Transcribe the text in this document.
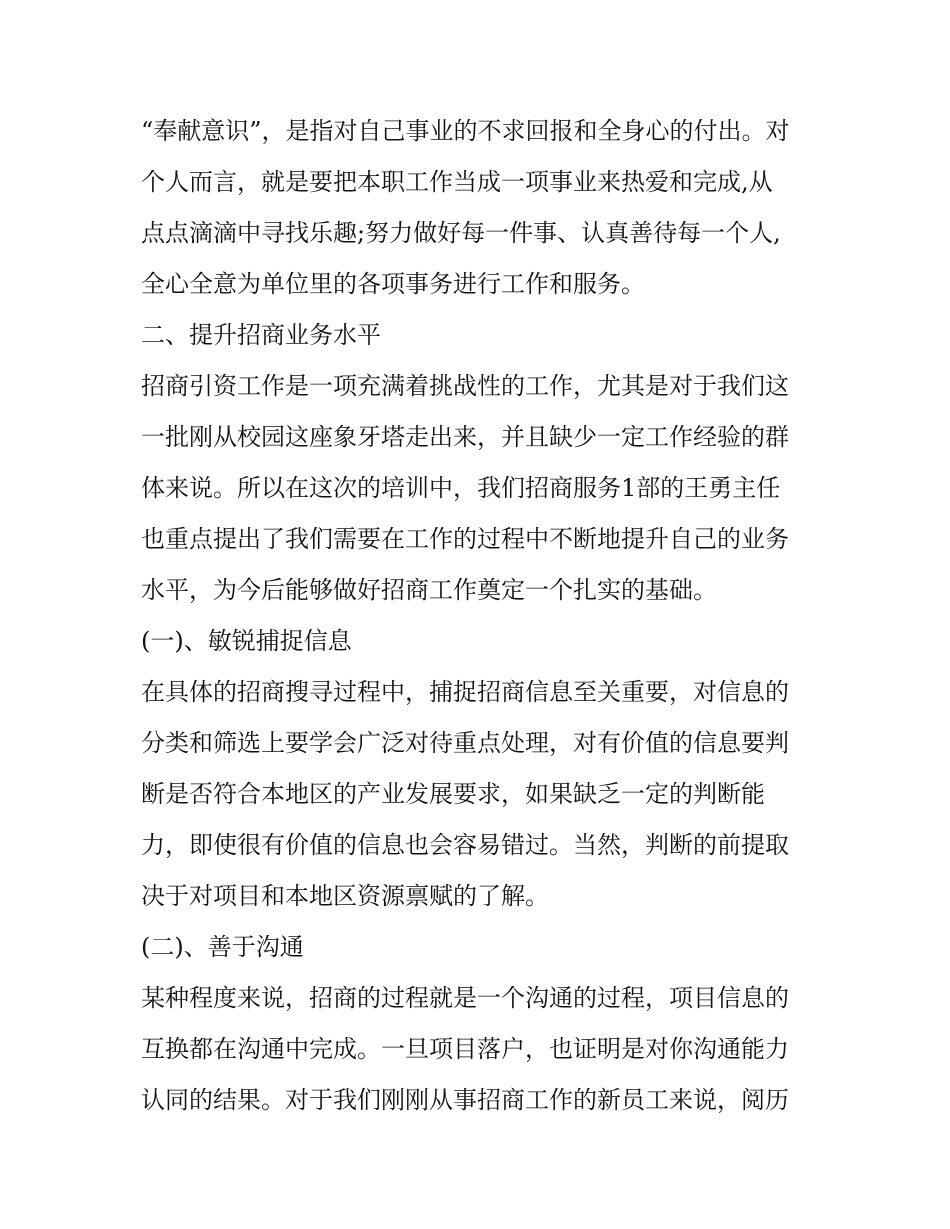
“奉献意识”，是指对自己事业的不求回报和全身心的付出。对
个人而言，就是要把本职工作当成一项事业来热爱和完成,从
点点滴滴中寻找乐趣;努力做好每一件事、认真善待每一个人,
全心全意为单位里的各项事务进行工作和服务。
二、提升招商业务水平
招商引资工作是一项充满着挑战性的工作，尤其是对于我们这
一批刚从校园这座象牙塔走出来，并且缺少一定工作经验的群
体来说。所以在这次的培训中，我们招商服务1部的王勇主任
也重点提出了我们需要在工作的过程中不断地提升自己的业务
水平，为今后能够做好招商工作奠定一个扎实的基础。
(一)、敏锐捕捉信息
在具体的招商搜寻过程中，捕捉招商信息至关重要，对信息的
分类和筛选上要学会广泛对待重点处理，对有价值的信息要判
断是否符合本地区的产业发展要求，如果缺乏一定的判断能
力，即使很有价值的信息也会容易错过。当然，判断的前提取
决于对项目和本地区资源禀赋的了解。
(二)、善于沟通
某种程度来说，招商的过程就是一个沟通的过程，项目信息的
互换都在沟通中完成。一旦项目落户，也证明是对你沟通能力
认同的结果。对于我们刚刚从事招商工作的新员工来说，阅历
